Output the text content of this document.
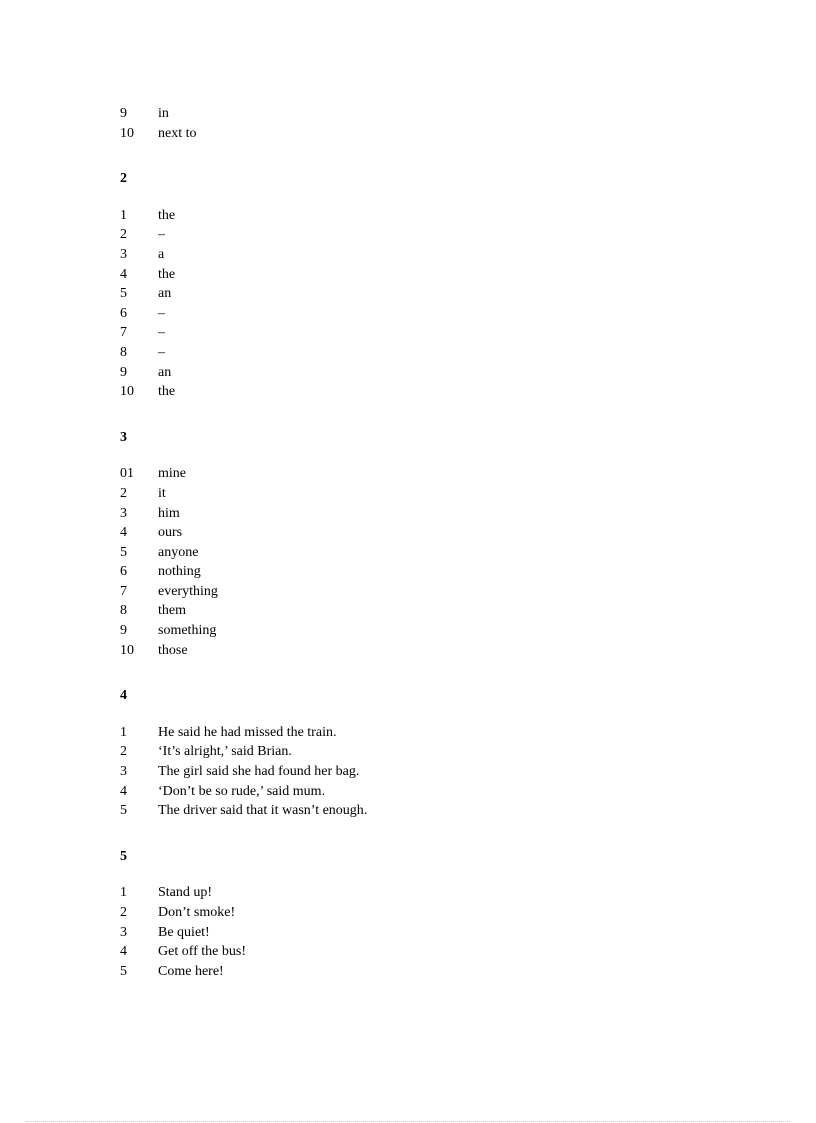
9	in
10	next to
2
1	the
2	–
3	a
4	the
5	an
6	–
7	–
8	–
9	an
10	the
3
01	mine
2	it
3	him
4	ours
5	anyone
6	nothing
7	everything
8	them
9	something
10	those
4
1	He said he had missed the train.
2	‘It’s alright,’ said Brian.
3	The girl said she had found her bag.
4	‘Don’t be so rude,’ said mum.
5	The driver said that it wasn’t enough.
5
1	Stand up!
2	Don’t smoke!
3	Be quiet!
4	Get off the bus!
5	Come here!
